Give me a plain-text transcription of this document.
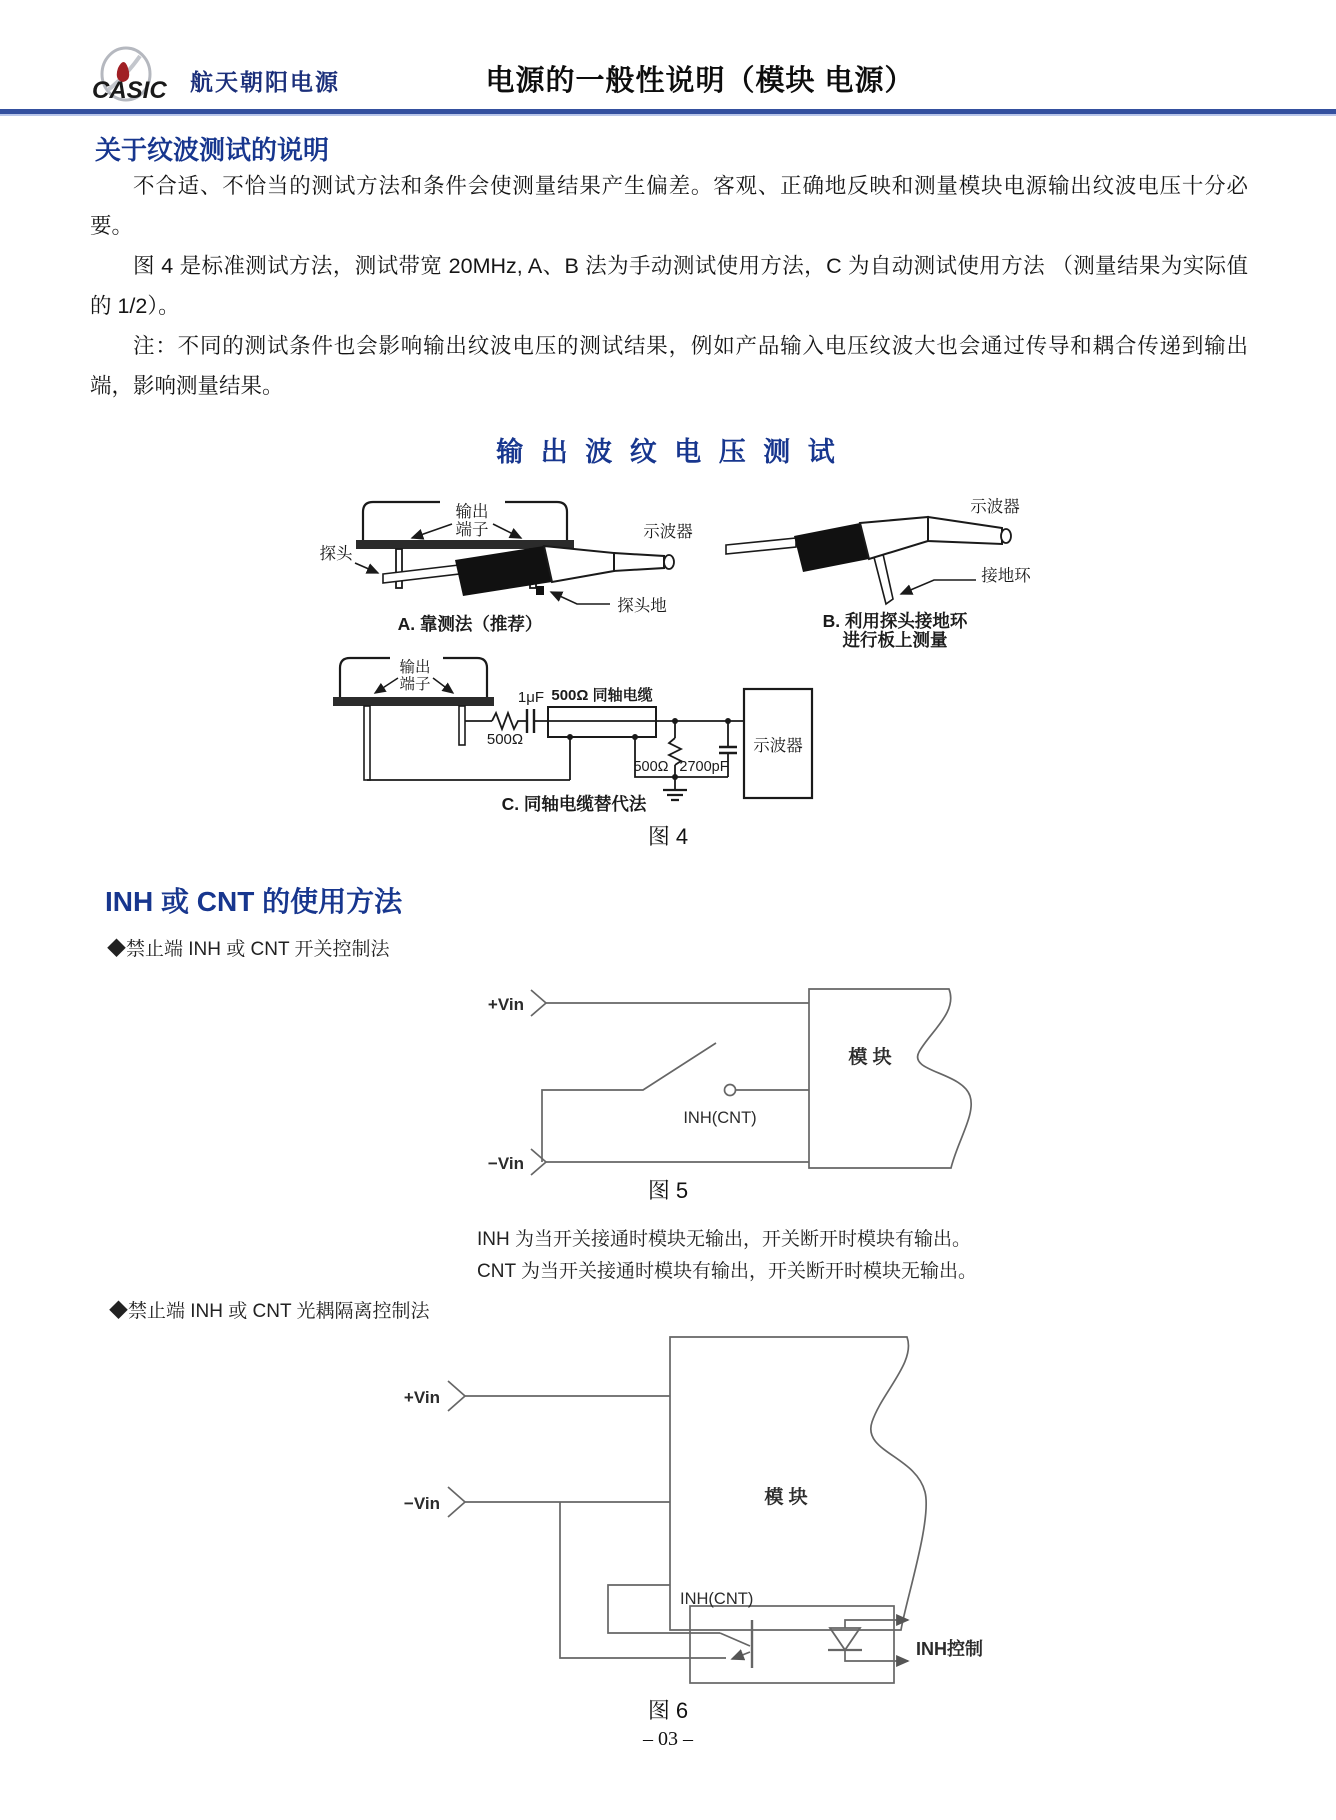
CASIC 航天朝阳电源	电源的一般性说明（模块 电源）
关于纹波测试的说明

不合适、不恰当的测试方法和条件会使测量结果产生偏差。客观、正确地反映和测量模块电源输出纹波电压十分必要。

图 4 是标准测试方法，测试带宽 20MHz, A、B 法为手动测试使用方法，C 为自动测试使用方法 （测量结果为实际值的 1/2）。

注：不同的测试条件也会影响输出纹波电压的测试结果，例如产品输入电压纹波大也会通过传导和耦合传递到输出端，影响测量结果。

输 出 波 纹 电 压 测 试
输出
端子
探头
示波器
探头地
A. 靠测法（推荐）
示波器
接地环
B. 利用探头接地环
进行板上测量
输出
端子
500Ω
1μF 500Ω 同轴电缆
500Ω 2700pF
示波器
C. 同轴电缆替代法
+Vin
−Vin
模 块
INH(CNT)
+Vin
−Vin	模 块
INH(CNT)
INH控制
图 4
图 5
图 6
INH 或 CNT 的使用方法
◆禁止端 INH 或 CNT 开关控制法
INH 为当开关接通时模块无输出，开关断开时模块有输出。
CNT 为当开关接通时模块有输出，开关断开时模块无输出。
◆禁止端 INH 或 CNT 光耦隔离控制法
– 03 –
